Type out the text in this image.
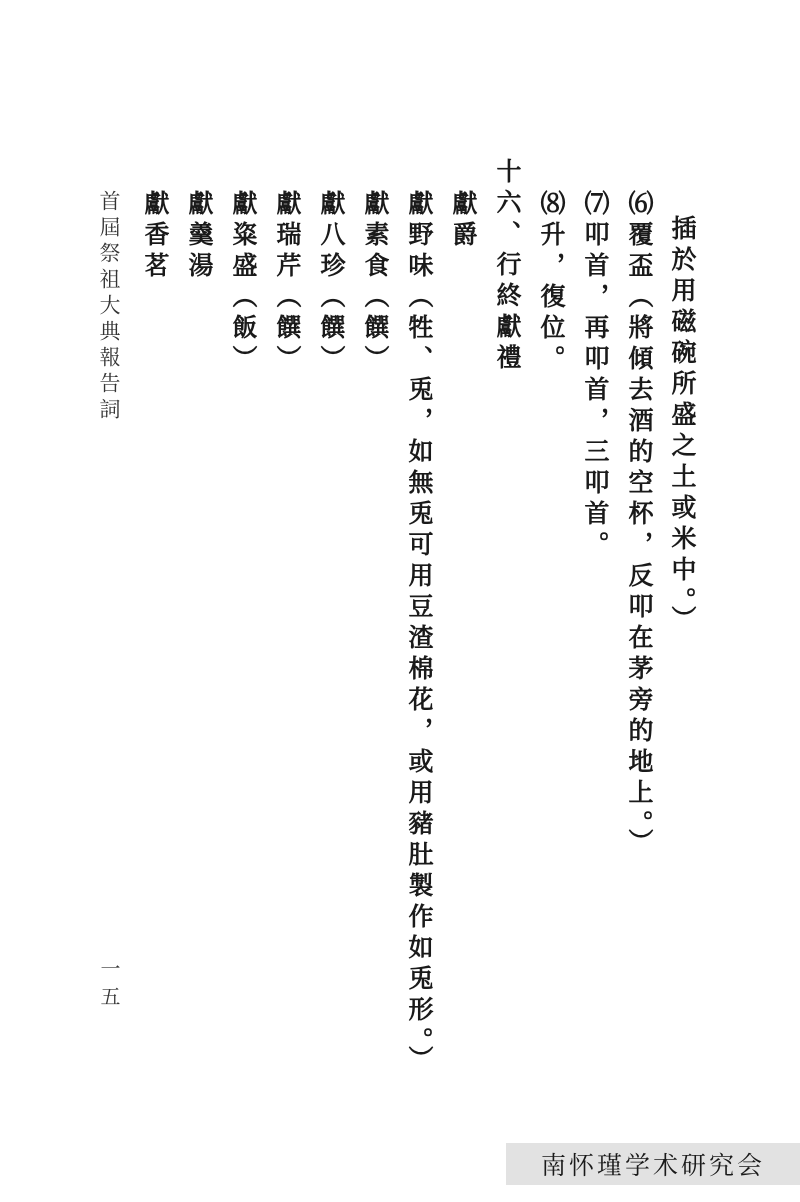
插於用磁碗所盛之土或米中。）
⑹覆盃（將傾去酒的空杯，反叩在茅旁的地上。）
⑺叩首，再叩首，三叩首。
⑻升，復位。
十六、行終獻禮
獻爵
獻野味（牲、兎，如無兎可用豆渣棉花，或用豬肚製作如兎形。）
獻素食（饌）
獻八珍（饌）
獻瑞芹（饌）
獻粢盛（飯）
獻羹湯
獻香茗
首屆祭祖大典報告詞
一五
南怀瑾学术研究会
